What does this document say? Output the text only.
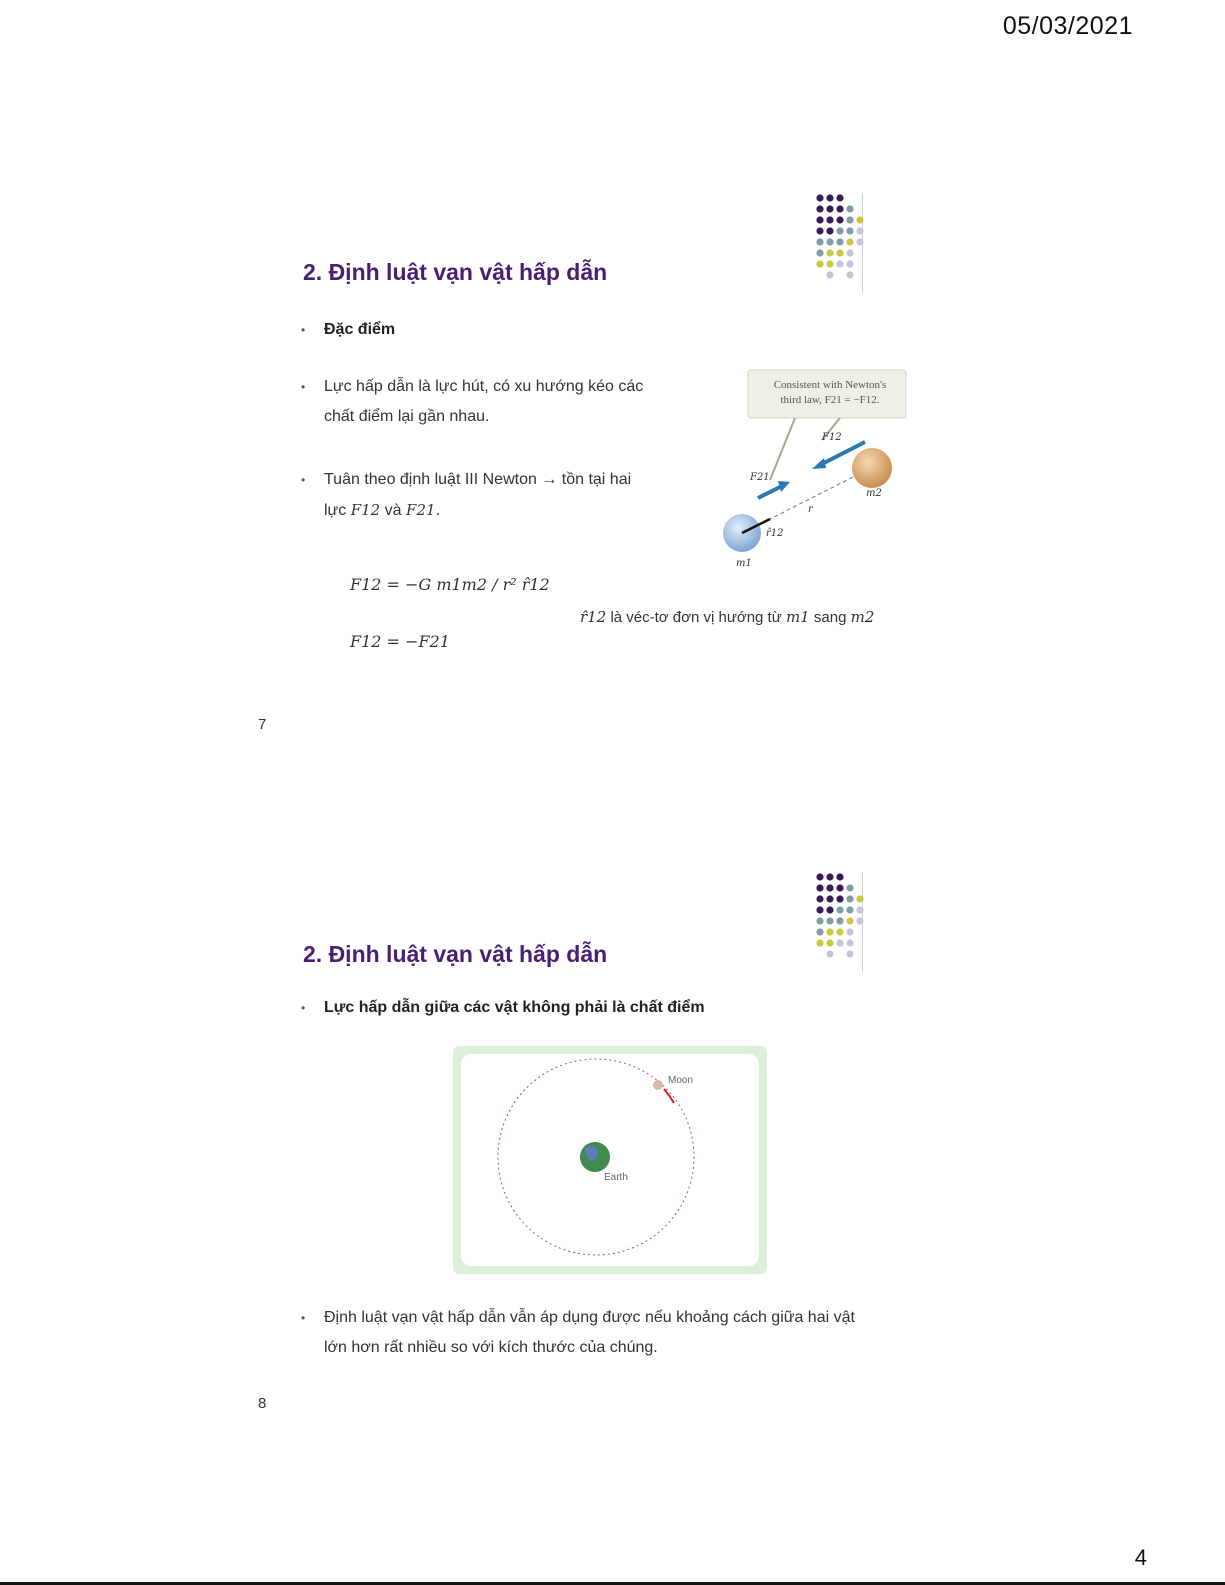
05/03/2021
4
2. Định luật vạn vật hấp dẫn
•	Đặc điểm
•	Lực hấp dẫn là lực hút, có xu hướng kéo các
chất điểm lại gần nhau.
•	Tuân theo định luật III Newton → tồn tại hai
lực F12 và F21.
F12 = −G m1m2 / r² r̂12
F12 = −F21
r̂12 là véc-tơ đơn vị hướng từ m1 sang m2
Consistent with Newton's
third law, F21 = −F12.
F12
F21
m2
r
r̂12
m1
7
2. Định luật vạn vật hấp dẫn
•	Lực hấp dẫn giữa các vật không phải là chất điểm
Moon
Earth
•	Định luật vạn vật hấp dẫn vẫn áp dụng được nếu khoảng cách giữa hai vật
lớn hơn rất nhiều so với kích thước của chúng.
8
